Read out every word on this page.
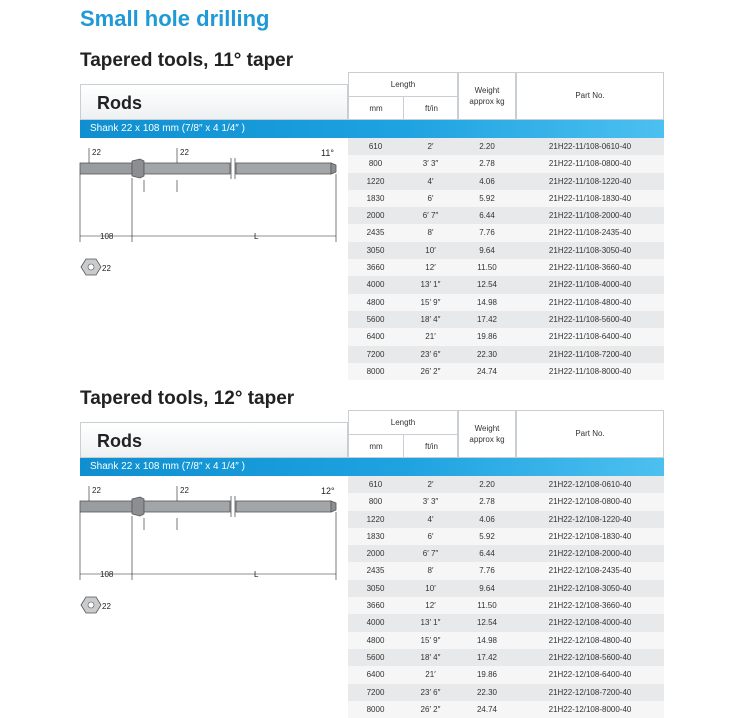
Small hole drilling
Tapered tools, 11° taper
Rods
Length
mm	ft/in
Weight
approx kg
Part No.
Shank 22 x 108 mm (7/8″ x 4 1/4″ )
22	22	11°
108	L
22
610	2′	2.20	21H22-11/108-0610-40
800	3′ 3″	2.78	21H22-11/108-0800-40
1220	4′	4.06	21H22-11/108-1220-40
1830	6′	5.92	21H22-11/108-1830-40
2000	6′ 7″	6.44	21H22-11/108-2000-40
2435	8′	7.76	21H22-11/108-2435-40
3050	10′	9.64	21H22-11/108-3050-40
3660	12′	11.50	21H22-11/108-3660-40
4000	13′ 1″	12.54	21H22-11/108-4000-40
4800	15′ 9″	14.98	21H22-11/108-4800-40
5600	18′ 4″	17.42	21H22-11/108-5600-40
6400	21′	19.86	21H22-11/108-6400-40
7200	23′ 6″	22.30	21H22-11/108-7200-40
8000	26′ 2″	24.74	21H22-11/108-8000-40
Tapered tools, 12° taper
Rods
Length
mm	ft/in
Weight
approx kg
Part No.
Shank 22 x 108 mm (7/8″ x 4 1/4″ )
22	22	12°
108	L
22
610	2′	2.20	21H22-12/108-0610-40
800	3′ 3″	2.78	21H22-12/108-0800-40
1220	4′	4.06	21H22-12/108-1220-40
1830	6′	5.92	21H22-12/108-1830-40
2000	6′ 7″	6.44	21H22-12/108-2000-40
2435	8′	7.76	21H22-12/108-2435-40
3050	10′	9.64	21H22-12/108-3050-40
3660	12′	11.50	21H22-12/108-3660-40
4000	13′ 1″	12.54	21H22-12/108-4000-40
4800	15′ 9″	14.98	21H22-12/108-4800-40
5600	18′ 4″	17.42	21H22-12/108-5600-40
6400	21′	19.86	21H22-12/108-6400-40
7200	23′ 6″	22.30	21H22-12/108-7200-40
8000	26′ 2″	24.74	21H22-12/108-8000-40
